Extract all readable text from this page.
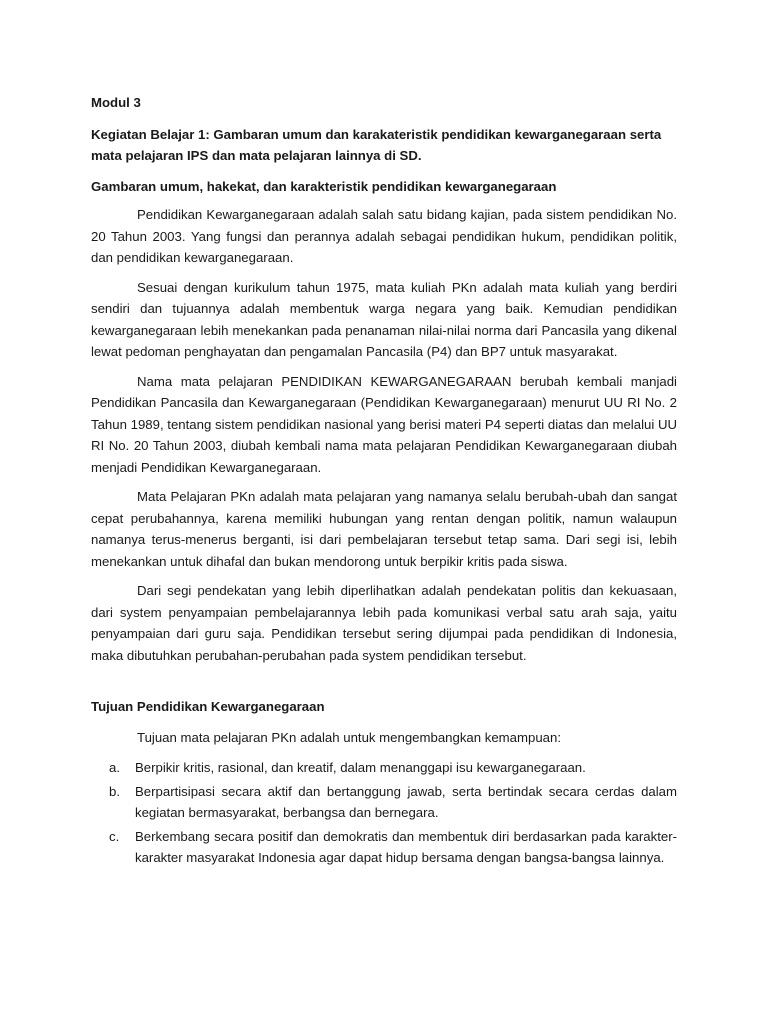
Modul 3
Kegiatan Belajar 1: Gambaran umum dan karakateristik pendidikan kewarganegaraan serta mata pelajaran IPS dan mata pelajaran lainnya di SD.
Gambaran umum, hakekat, dan karakteristik pendidikan kewarganegaraan

Pendidikan Kewarganegaraan adalah salah satu bidang kajian, pada sistem pendidikan No. 20 Tahun 2003. Yang fungsi dan perannya adalah sebagai pendidikan hukum, pendidikan politik, dan pendidikan kewarganegaraan.

Sesuai dengan kurikulum tahun 1975, mata kuliah PKn adalah mata kuliah yang berdiri sendiri dan tujuannya adalah membentuk warga negara yang baik. Kemudian pendidikan kewarganegaraan lebih menekankan pada penanaman nilai-nilai norma dari Pancasila yang dikenal lewat pedoman penghayatan dan pengamalan Pancasila (P4) dan BP7 untuk masyarakat.

Nama mata pelajaran PENDIDIKAN KEWARGANEGARAAN berubah kembali manjadi Pendidikan Pancasila dan Kewarganegaraan (Pendidikan Kewarganegaraan) menurut UU RI No. 2 Tahun 1989, tentang sistem pendidikan nasional yang berisi materi P4 seperti diatas dan melalui UU RI No. 20 Tahun 2003, diubah kembali nama mata pelajaran Pendidikan Kewarganegaraan diubah menjadi Pendidikan Kewarganegaraan.

Mata Pelajaran PKn adalah mata pelajaran yang namanya selalu berubah-ubah dan sangat cepat perubahannya, karena memiliki hubungan yang rentan dengan politik, namun walaupun namanya terus-menerus berganti, isi dari pembelajaran tersebut tetap sama. Dari segi isi, lebih menekankan untuk dihafal dan bukan mendorong untuk berpikir kritis pada siswa.

Dari segi pendekatan yang lebih diperlihatkan adalah pendekatan politis dan kekuasaan, dari system penyampaian pembelajarannya lebih pada komunikasi verbal satu arah saja, yaitu penyampaian dari guru saja. Pendidikan tersebut sering dijumpai pada pendidikan di Indonesia, maka dibutuhkan perubahan-perubahan pada system pendidikan tersebut.

Tujuan Pendidikan Kewarganegaraan

Tujuan mata pelajaran PKn adalah untuk mengembangkan kemampuan:

a. Berpikir kritis, rasional, dan kreatif, dalam menanggapi isu kewarganegaraan.
b. Berpartisipasi secara aktif dan bertanggung jawab, serta bertindak secara cerdas dalam kegiatan bermasyarakat, berbangsa dan bernegara.
c. Berkembang secara positif dan demokratis dan membentuk diri berdasarkan pada karakter-karakter masyarakat Indonesia agar dapat hidup bersama dengan bangsa-bangsa lainnya.
